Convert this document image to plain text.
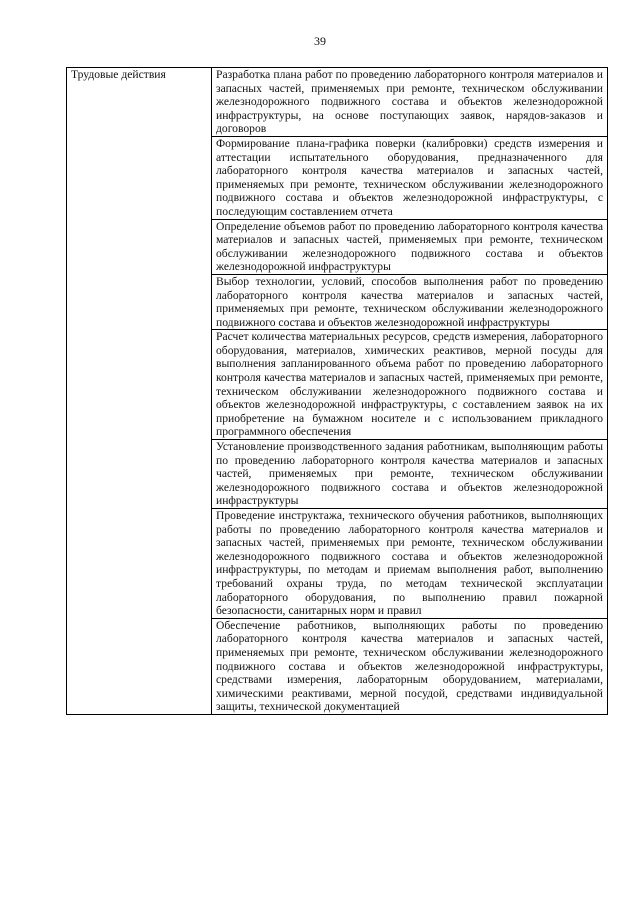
39
Трудовые действия	Разработка плана работ по проведению лабораторного контроля материалов и запасных частей, применяемых при ремонте, техническом обслуживании железнодорожного подвижного состава и объектов железнодорожной инфраструктуры, на основе поступающих заявок, нарядов-заказов и договоров
Формирование плана-графика поверки (калибровки) средств измерения и аттестации испытательного оборудования, предназначенного для лабораторного контроля качества материалов и запасных частей, применяемых при ремонте, техническом обслуживании железнодорожного подвижного состава и объектов железнодорожной инфраструктуры, с последующим составлением отчета
Определение объемов работ по проведению лабораторного контроля качества материалов и запасных частей, применяемых при ремонте, техническом обслуживании железнодорожного подвижного состава и объектов железнодорожной инфраструктуры
Выбор технологии, условий, способов выполнения работ по проведению лабораторного контроля качества материалов и запасных частей, применяемых при ремонте, техническом обслуживании железнодорожного подвижного состава и объектов железнодорожной инфраструктуры
Расчет количества материальных ресурсов, средств измерения, лабораторного оборудования, материалов, химических реактивов, мерной посуды для выполнения запланированного объема работ по проведению лабораторного контроля качества материалов и запасных частей, применяемых при ремонте, техническом обслуживании железнодорожного подвижного состава и объектов железнодорожной инфраструктуры, с составлением заявок на их приобретение на бумажном носителе и с использованием прикладного программного обеспечения
Установление производственного задания работникам, выполняющим работы по проведению лабораторного контроля качества материалов и запасных частей, применяемых при ремонте, техническом обслуживании железнодорожного подвижного состава и объектов железнодорожной инфраструктуры
Проведение инструктажа, технического обучения работников, выполняющих работы по проведению лабораторного контроля качества материалов и запасных частей, применяемых при ремонте, техническом обслуживании железнодорожного подвижного состава и объектов железнодорожной инфраструктуры, по методам и приемам выполнения работ, выполнению требований охраны труда, по методам технической эксплуатации лабораторного оборудования, по выполнению правил пожарной безопасности, санитарных норм и правил
Обеспечение работников, выполняющих работы по проведению лабораторного контроля качества материалов и запасных частей, применяемых при ремонте, техническом обслуживании железнодорожного подвижного состава и объектов железнодорожной инфраструктуры, средствами измерения, лабораторным оборудованием, материалами, химическими реактивами, мерной посудой, средствами индивидуальной защиты, технической документацией
